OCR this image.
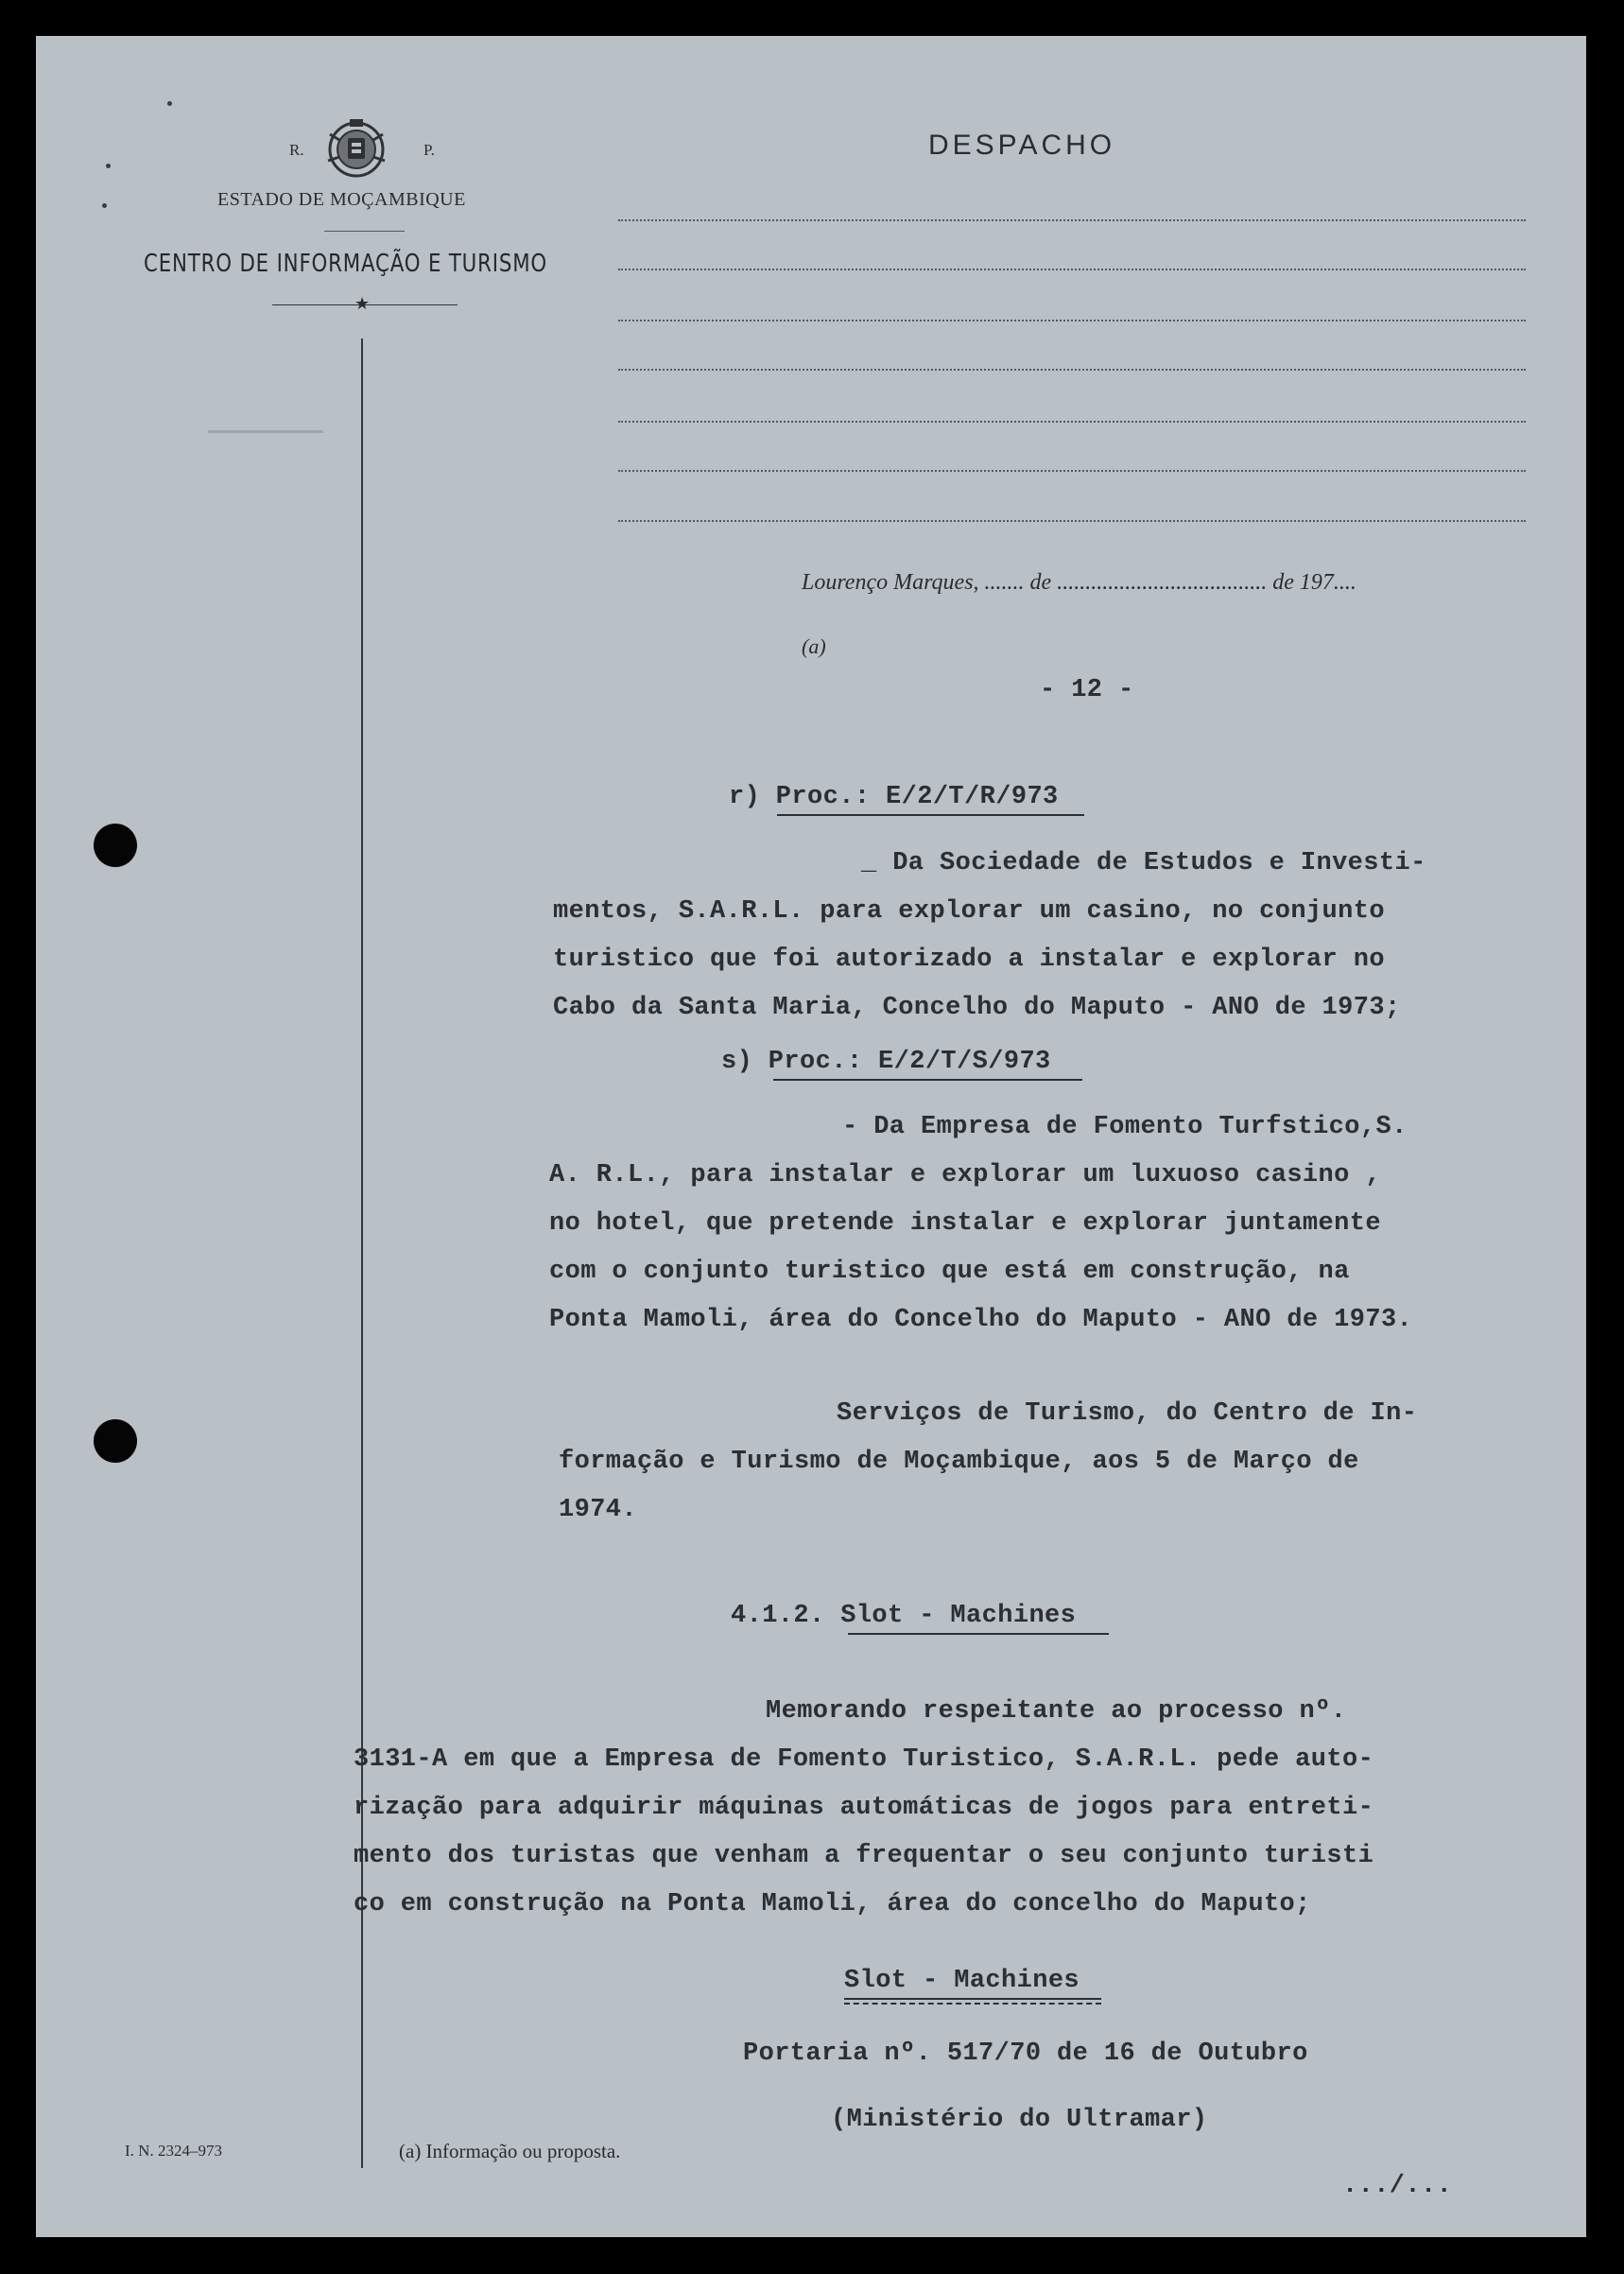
R.	P.
ESTADO DE MOÇAMBIQUE
CENTRO DE INFORMAÇÃO E TURISMO
★
DESPACHO
Lourenço Marques, ....... de ..................................... de 197....
(a)
- 12 -
r) Proc.: E/2/T/R/973
_ Da Sociedade de Estudos e Investi-
mentos, S.A.R.L. para explorar um casino, no conjunto
turistico que foi autorizado a instalar e explorar no
Cabo da Santa Maria, Concelho do Maputo - ANO de 1973;
s) Proc.: E/2/T/S/973
- Da Empresa de Fomento Turfstico,S.
A. R.L., para instalar e explorar um luxuoso casino ,
no hotel, que pretende instalar e explorar juntamente
com o conjunto turistico que está em construção, na
Ponta Mamoli, área do Concelho do Maputo - ANO de 1973.
Serviços de Turismo, do Centro de In-
formação e Turismo de Moçambique, aos 5 de Março de
1974.
4.1.2. Slot - Machines
Memorando respeitante ao processo nº.
3131-A em que a Empresa de Fomento Turistico, S.A.R.L. pede auto-
rização para adquirir máquinas automáticas de jogos para entreti-
mento dos turistas que venham a frequentar o seu conjunto turisti
co em construção na Ponta Mamoli, área do concelho do Maputo;
Slot - Machines
Portaria nº. 517/70 de 16 de Outubro
(Ministério do Ultramar)
.../...
I. N. 2324–973	(a) Informação ou proposta.
